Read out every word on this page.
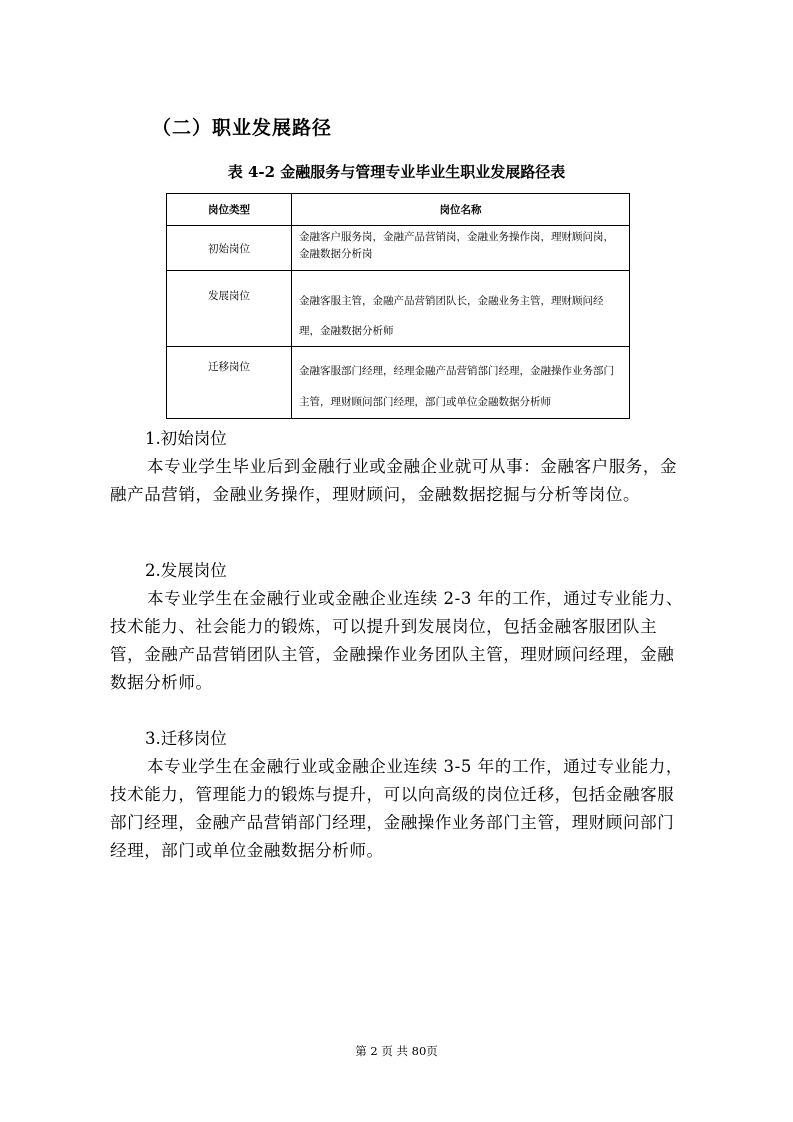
（二）职业发展路径
表 4-2 金融服务与管理专业毕业生职业发展路径表
岗位类型	岗位名称

初始岗位	金融客户服务岗，金融产品营销岗，金融业务操作岗，理财顾问岗，金融数据分析岗

发展岗位	金融客服主管，金融产品营销团队长，金融业务主管，理财顾问经理，金融数据分析师

迁移岗位	金融客服部门经理，经理金融产品营销部门经理，金融操作业务部门主管，理财顾问部门经理，部门或单位金融数据分析师

1.初始岗位

本专业学生毕业后到金融行业或金融企业就可从事：金融客户服务，金融产品营销，金融业务操作，理财顾问，金融数据挖掘与分析等岗位。

2.发展岗位

本专业学生在金融行业或金融企业连续 2-3 年的工作，通过专业能力、技术能力、社会能力的锻炼，可以提升到发展岗位，包括金融客服团队主管，金融产品营销团队主管，金融操作业务团队主管，理财顾问经理，金融数据分析师。

3.迁移岗位

本专业学生在金融行业或金融企业连续 3-5 年的工作，通过专业能力，技术能力，管理能力的锻炼与提升，可以向高级的岗位迁移，包括金融客服部门经理，金融产品营销部门经理，金融操作业务部门主管，理财顾问部门经理，部门或单位金融数据分析师。

第 2 页 共 80页
